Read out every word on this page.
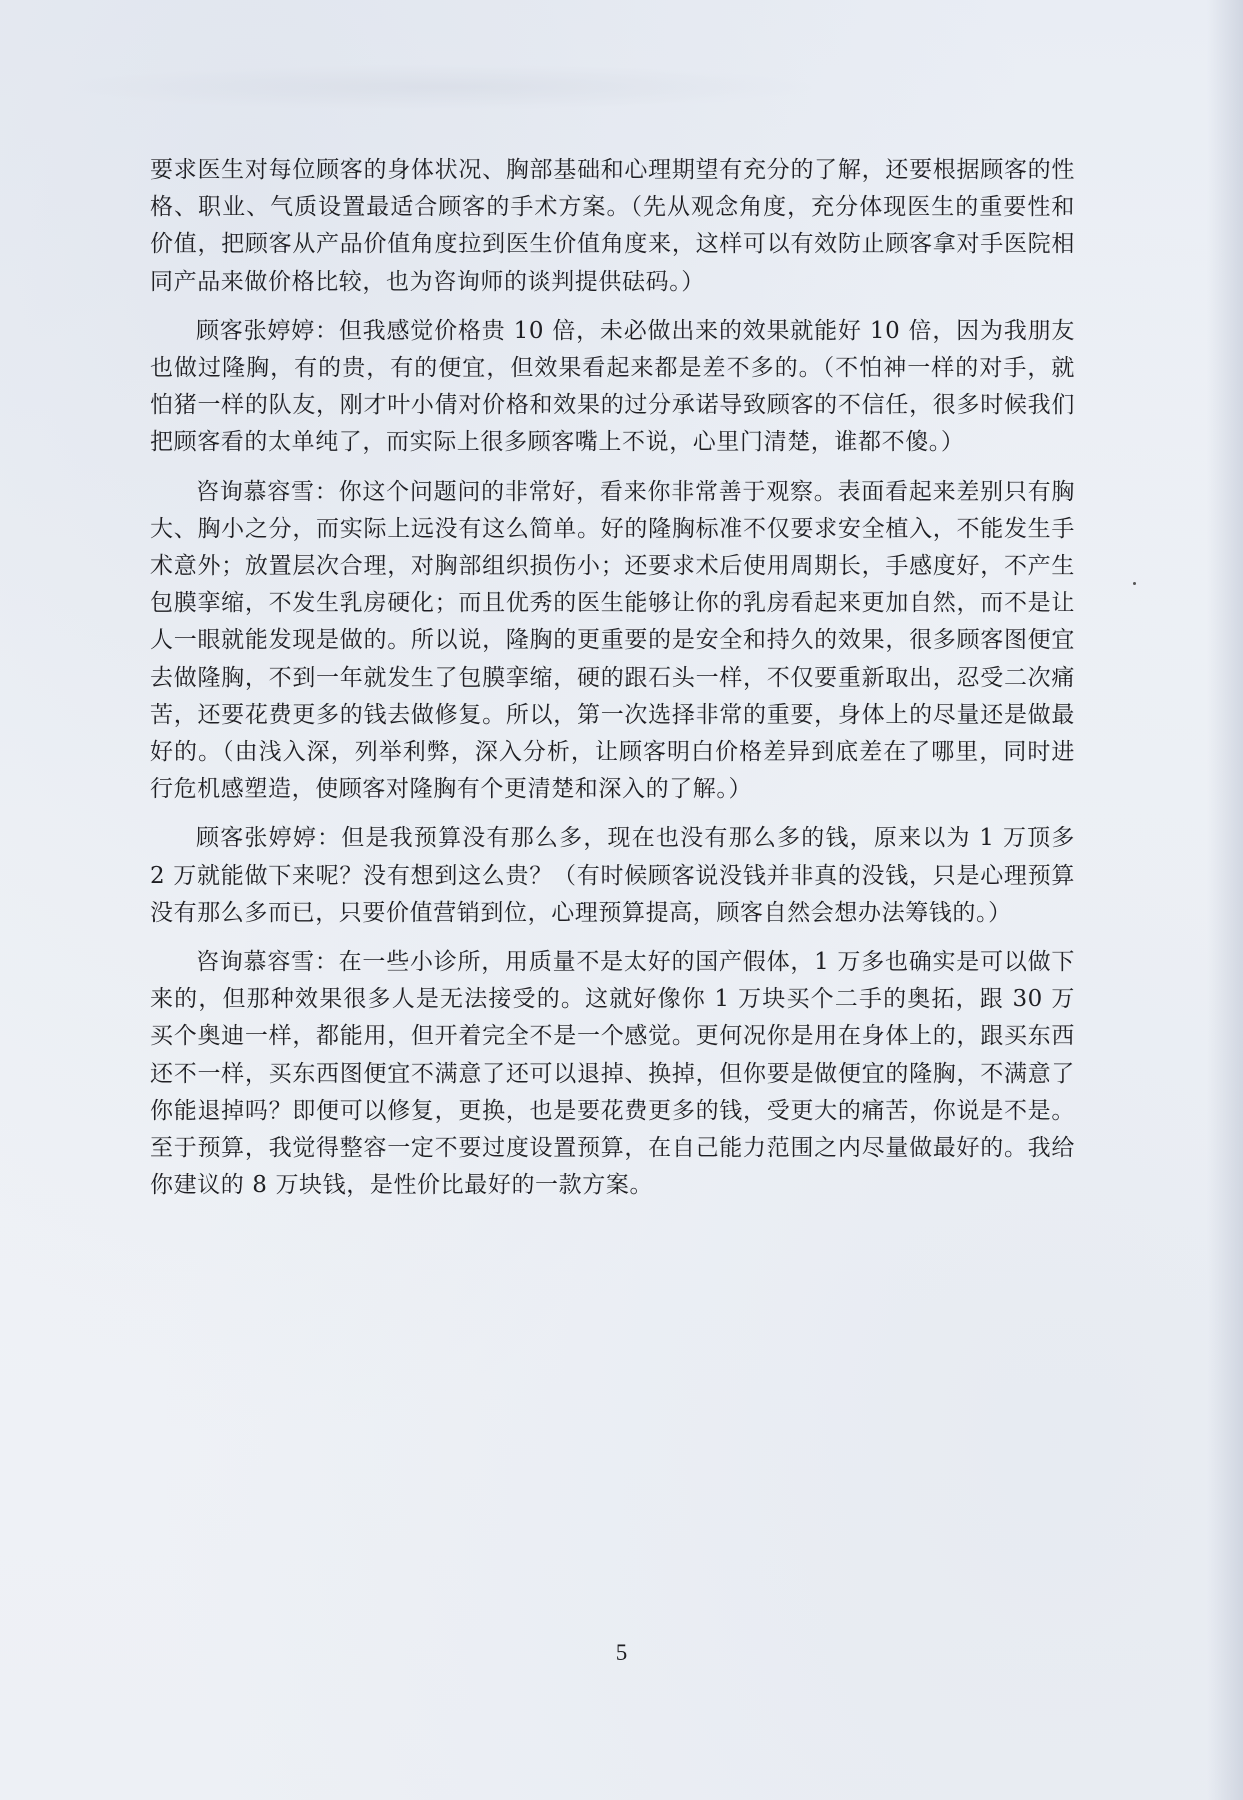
要求医生对每位顾客的身体状况、胸部基础和心理期望有充分的了解，还要根据顾客的性格、职业、气质设置最适合顾客的手术方案。（先从观念角度，充分体现医生的重要性和价值，把顾客从产品价值角度拉到医生价值角度来，这样可以有效防止顾客拿对手医院相同产品来做价格比较，也为咨询师的谈判提供砝码。）

顾客张婷婷：但我感觉价格贵 10 倍，未必做出来的效果就能好 10 倍，因为我朋友也做过隆胸，有的贵，有的便宜，但效果看起来都是差不多的。（不怕神一样的对手，就怕猪一样的队友，刚才叶小倩对价格和效果的过分承诺导致顾客的不信任，很多时候我们把顾客看的太单纯了，而实际上很多顾客嘴上不说，心里门清楚，谁都不傻。）

咨询慕容雪：你这个问题问的非常好，看来你非常善于观察。表面看起来差别只有胸大、胸小之分，而实际上远没有这么简单。好的隆胸标准不仅要求安全植入，不能发生手术意外；放置层次合理，对胸部组织损伤小；还要求术后使用周期长，手感度好，不产生包膜挛缩，不发生乳房硬化；而且优秀的医生能够让你的乳房看起来更加自然，而不是让人一眼就能发现是做的。所以说，隆胸的更重要的是安全和持久的效果，很多顾客图便宜去做隆胸，不到一年就发生了包膜挛缩，硬的跟石头一样，不仅要重新取出，忍受二次痛苦，还要花费更多的钱去做修复。所以，第一次选择非常的重要，身体上的尽量还是做最好的。（由浅入深，列举利弊，深入分析，让顾客明白价格差异到底差在了哪里，同时进行危机感塑造，使顾客对隆胸有个更清楚和深入的了解。）

顾客张婷婷：但是我预算没有那么多，现在也没有那么多的钱，原来以为 1 万顶多 2 万就能做下来呢？没有想到这么贵？（有时候顾客说没钱并非真的没钱，只是心理预算没有那么多而已，只要价值营销到位，心理预算提高，顾客自然会想办法筹钱的。）

咨询慕容雪：在一些小诊所，用质量不是太好的国产假体，1 万多也确实是可以做下来的，但那种效果很多人是无法接受的。这就好像你 1 万块买个二手的奥拓，跟 30 万买个奥迪一样，都能用，但开着完全不是一个感觉。更何况你是用在身体上的，跟买东西还不一样，买东西图便宜不满意了还可以退掉、换掉，但你要是做便宜的隆胸，不满意了你能退掉吗？即便可以修复，更换，也是要花费更多的钱，受更大的痛苦，你说是不是。至于预算，我觉得整容一定不要过度设置预算，在自己能力范围之内尽量做最好的。我给你建议的 8 万块钱，是性价比最好的一款方案。

5
